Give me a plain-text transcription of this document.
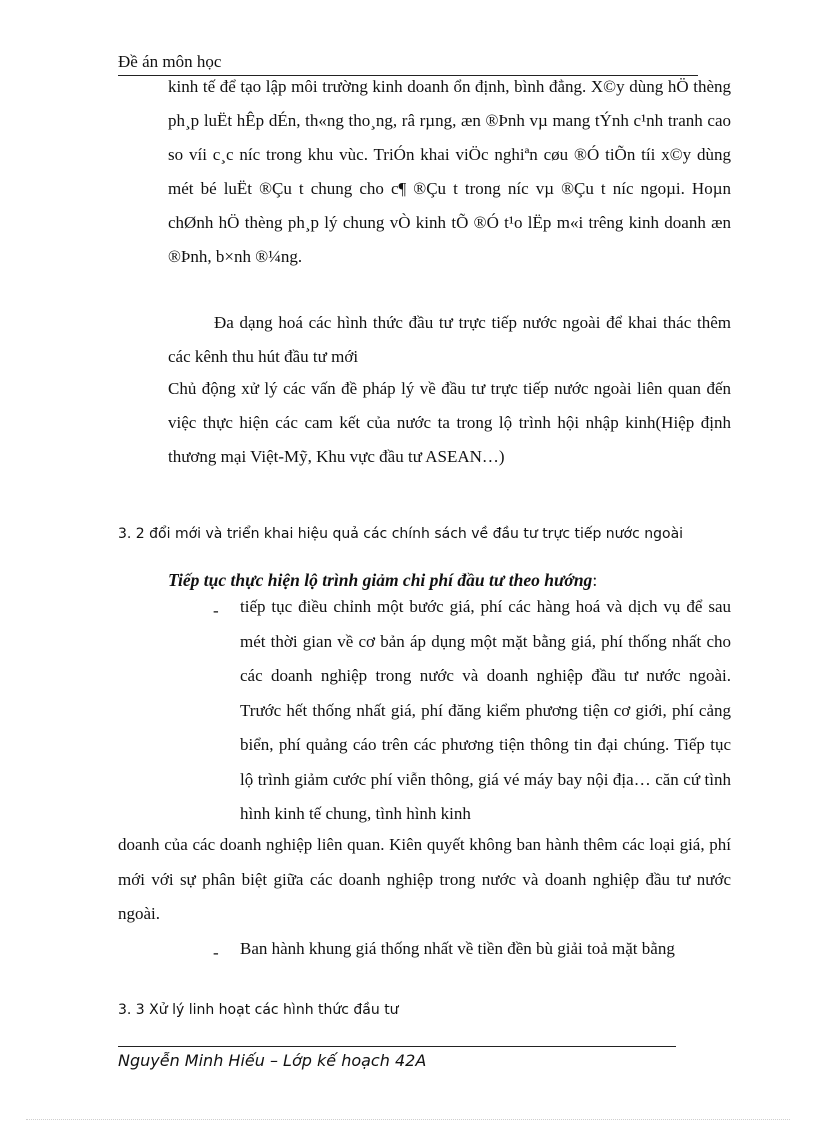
Đề án môn học
kinh tế để tạo lập môi trường kinh doanh ổn định, bình đẳng. X©y dùng hÖ thèng ph¸p luËt hÊp dÉn, th«ng tho¸ng, râ rµng, æn ®Þnh vµ mang tÝnh c¹nh tranh cao so víi c¸c níc trong khu vùc. TriÓn khai viÖc nghiªn cøu ®Ó tiÕn tíi x©y dùng mét bé luËt ®Çu t chung cho c¶ ®Çu t trong níc vµ ®Çu t níc ngoµi. Hoµn chØnh hÖ thèng ph¸p lý chung vÒ kinh tÕ ®Ó t¹o lËp m«i trêng kinh doanh æn ®Þnh, b×nh ®¼ng.
Đa dạng hoá các hình thức đầu tư trực tiếp nước ngoài để khai thác thêm các kênh thu hút đầu tư mới
Chủ động xử lý các vấn đề pháp lý về đầu tư trực tiếp nước ngoài liên quan đến việc thực hiện các cam kết của nước ta trong lộ trình hội nhập kinh(Hiệp định thương mại Việt-Mỹ, Khu vực đầu tư ASEAN…)
3. 2 đổi mới và triển khai hiệu quả các chính sách về đầu tư trực tiếp nước ngoài
Tiếp tục thực hiện lộ trình giảm chi phí đầu tư theo hướng:
- tiếp tục điều chỉnh một bước giá, phí các hàng hoá và dịch vụ để sau mét thời gian về cơ bản áp dụng một mặt bằng giá, phí thống nhất cho các doanh nghiệp trong nước và doanh nghiệp đầu tư nước ngoài. Trước hết thống nhất giá, phí đăng kiểm phương tiện cơ giới, phí cảng biển, phí quảng cáo trên các phương tiện thông tin đại chúng. Tiếp tục lộ trình giảm cước phí viễn thông, giá vé máy bay nội địa… căn cứ tình hình kinh tế chung, tình hình kinh
doanh của các doanh nghiệp liên quan. Kiên quyết không ban hành thêm các loại giá, phí mới với sự phân biệt giữa các doanh nghiệp trong nước và doanh nghiệp đầu tư nước ngoài.
- Ban hành khung giá thống nhất về tiền đền bù giải toả mặt bằng
3. 3 Xử lý linh hoạt các hình thức đầu tư
Nguyễn Minh Hiếu – Lớp kế hoạch 42A
